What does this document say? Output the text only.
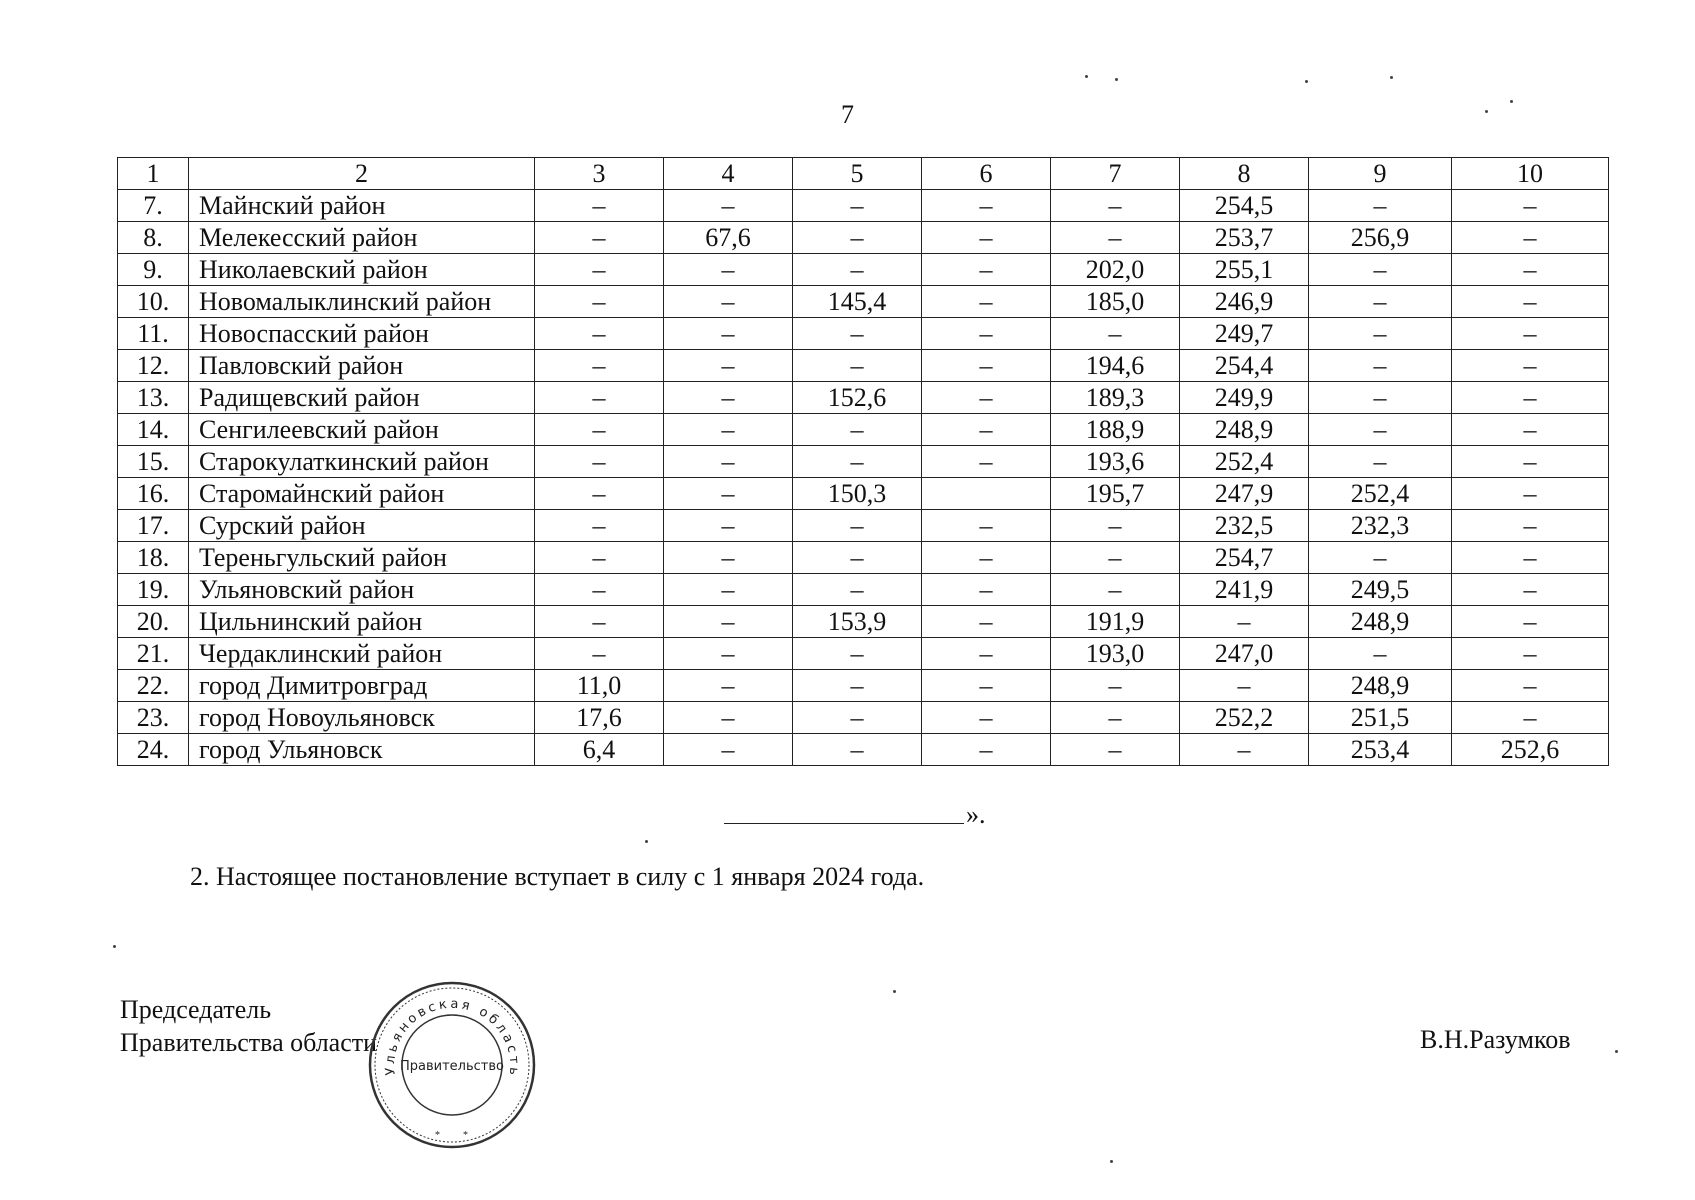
7
1	2	3	4	5	6	7	8	9	10
7.	Майнский район	–	–	–	–	–	254,5	–	–
8.	Мелекесский район	–	67,6	–	–	–	253,7	256,9	–
9.	Николаевский район	–	–	–	–	202,0	255,1	–	–
10.	Новомалыклинский район	–	–	145,4	–	185,0	246,9	–	–
11.	Новоспасский район	–	–	–	–	–	249,7	–	–
12.	Павловский район	–	–	–	–	194,6	254,4	–	–
13.	Радищевский район	–	–	152,6	–	189,3	249,9	–	–
14.	Сенгилеевский район	–	–	–	–	188,9	248,9	–	–
15.	Старокулаткинский район	–	–	–	–	193,6	252,4	–	–
16.	Старомайнский район	–	–	150,3		195,7	247,9	252,4	–
17.	Сурский район	–	–	–	–	–	232,5	232,3	–
18.	Тереньгульский район	–	–	–	–	–	254,7	–	–
19.	Ульяновский район	–	–	–	–	–	241,9	249,5	–
20.	Цильнинский район	–	–	153,9	–	191,9	–	248,9	–
21.	Чердаклинский район	–	–	–	–	193,0	247,0	–	–
22.	город Димитровград	11,0	–	–	–	–	–	248,9	–
23.	город Новоульяновск	17,6	–	–	–	–	252,2	251,5	–
24.	город Ульяновск	6,4	–	–	–	–	–	253,4	252,6
».
2. Настоящее постановление вступает в силу с 1 января 2024 года.
Председатель
Правительства области	В.Н.Разумков
Ульяновская область
Правительство
* *
